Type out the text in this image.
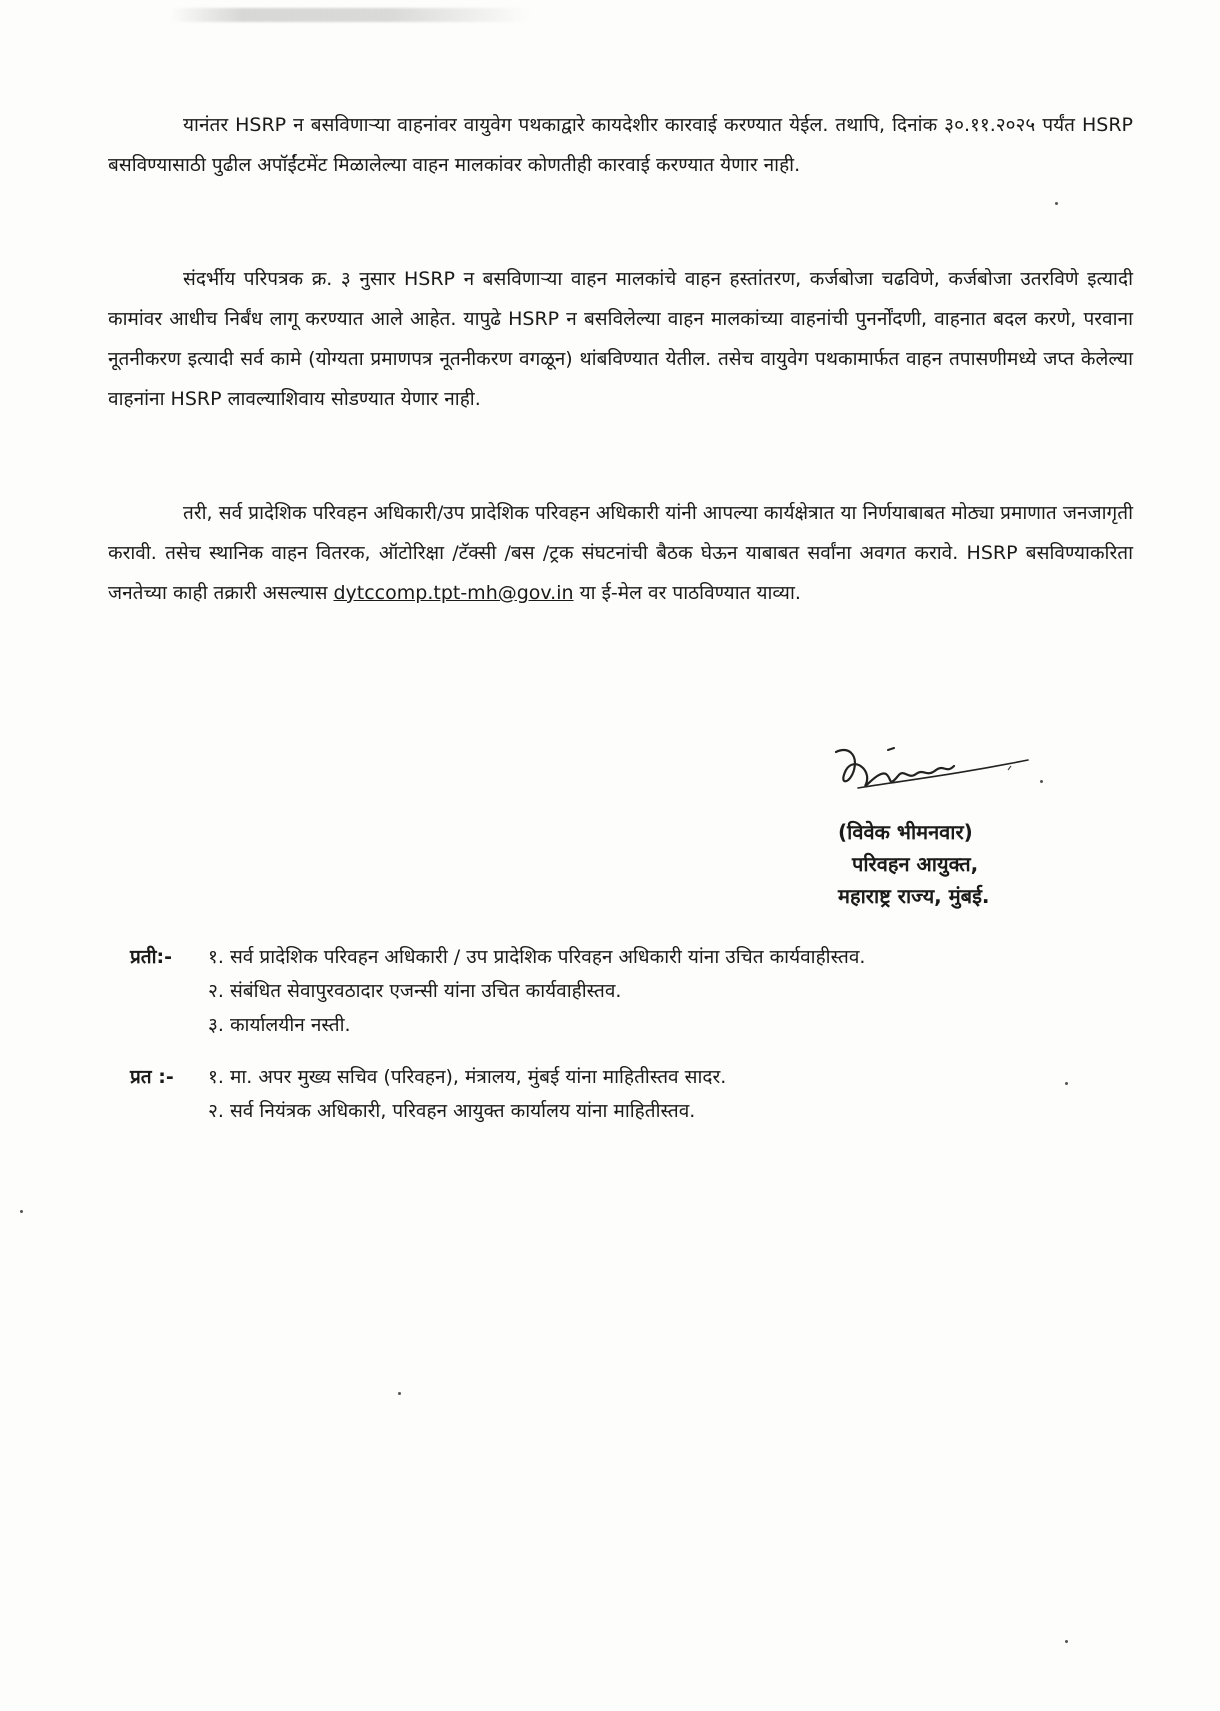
यानंतर HSRP न बसविणाऱ्या वाहनांवर वायुवेग पथकाद्वारे कायदेशीर कारवाई करण्यात येईल. तथापि, दिनांक ३०.११.२०२५ पर्यंत HSRP बसविण्यासाठी पुढील अपॉईंटमेंट मिळालेल्या वाहन मालकांवर कोणतीही कारवाई करण्यात येणार नाही.

संदर्भीय परिपत्रक क्र. ३ नुसार HSRP न बसविणाऱ्या वाहन मालकांचे वाहन हस्तांतरण, कर्जबोजा चढविणे, कर्जबोजा उतरविणे इत्यादी कामांवर आधीच निर्बंध लागू करण्यात आले आहेत. यापुढे HSRP न बसविलेल्या वाहन मालकांच्या वाहनांची पुनर्नोंदणी, वाहनात बदल करणे, परवाना नूतनीकरण इत्यादी सर्व कामे (योग्यता प्रमाणपत्र नूतनीकरण वगळून) थांबविण्यात येतील. तसेच वायुवेग पथकामार्फत वाहन तपासणीमध्ये जप्त केलेल्या वाहनांना HSRP लावल्याशिवाय सोडण्यात येणार नाही.

तरी, सर्व प्रादेशिक परिवहन अधिकारी/उप प्रादेशिक परिवहन अधिकारी यांनी आपल्या कार्यक्षेत्रात या निर्णयाबाबत मोठ्या प्रमाणात जनजागृती करावी. तसेच स्थानिक वाहन वितरक, ऑटोरिक्षा /टॅक्सी /बस /ट्रक संघटनांची बैठक घेऊन याबाबत सर्वांना अवगत करावे. HSRP बसविण्याकरिता जनतेच्या काही तक्रारी असल्यास dytccomp.tpt-mh@gov.in या ई-मेल वर पाठविण्यात याव्या.

(विवेक भीमनवार)
परिवहन आयुक्त,
महाराष्ट्र राज्य, मुंबई.
प्रती:- १. सर्व प्रादेशिक परिवहन अधिकारी / उप प्रादेशिक परिवहन अधिकारी यांना उचित कार्यवाहीस्तव.
२. संबंधित सेवापुरवठादार एजन्सी यांना उचित कार्यवाहीस्तव.
३. कार्यालयीन नस्ती.
प्रत :- १. मा. अपर मुख्य सचिव (परिवहन), मंत्रालय, मुंबई यांना माहितीस्तव सादर.
२. सर्व नियंत्रक अधिकारी, परिवहन आयुक्त कार्यालय यांना माहितीस्तव.
